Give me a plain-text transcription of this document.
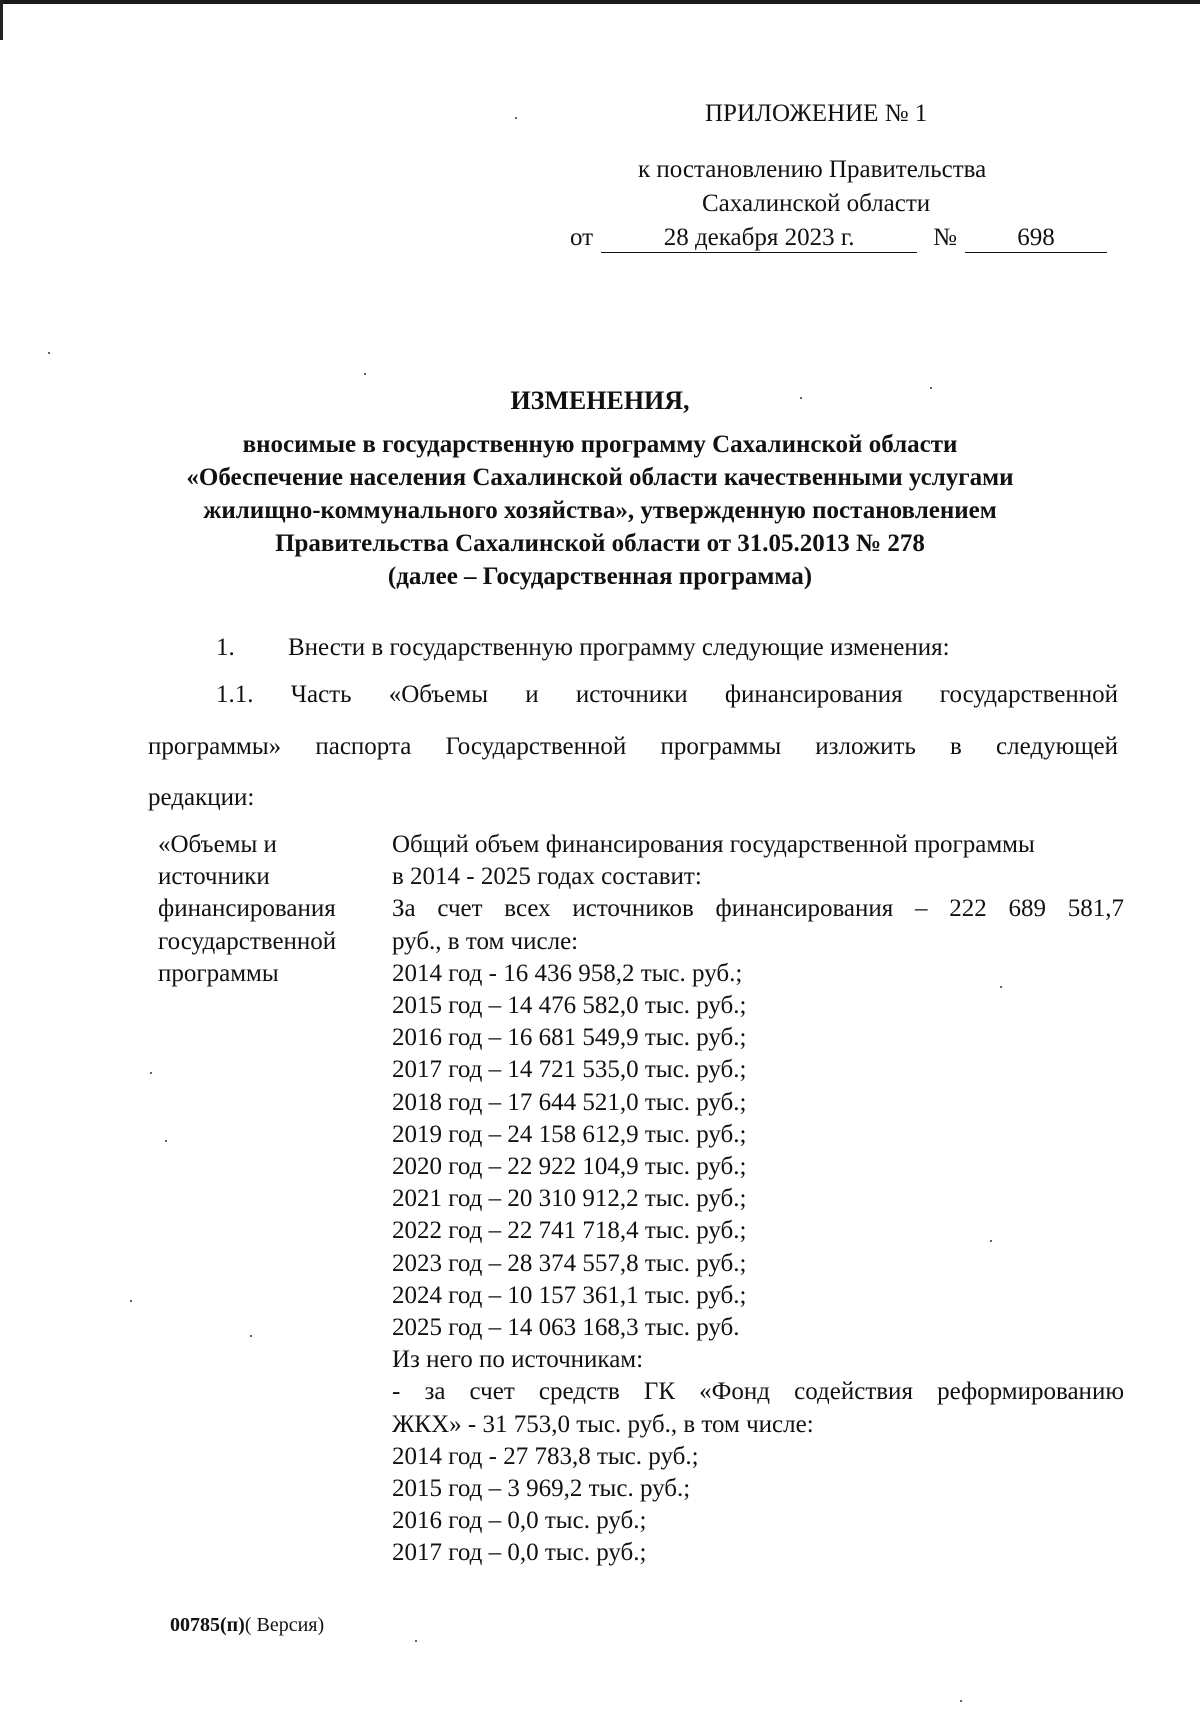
ПРИЛОЖЕНИЕ № 1
к постановлению Правительства
Сахалинской области
от	28 декабря 2023 г.	№ 698
ИЗМЕНЕНИЯ,
вносимые в государственную программу Сахалинской области
«Обеспечение населения Сахалинской области качественными услугами
жилищно-коммунального хозяйства», утвержденную постановлением
Правительства Сахалинской области от 31.05.2013 № 278
(далее – Государственная программа)
1. Внести в государственную программу следующие изменения:
1.1. Часть «Объемы и источники финансирования государственной
программы» паспорта Государственной программы изложить в следующей
редакции:
«Объемы и
источники
финансирования
государственной
программы
Общий объем финансирования государственной программы
в 2014 - 2025 годах составит:
За счет всех источников финансирования – 222 689 581,7
руб., в том числе:
2014 год - 16 436 958,2 тыс. руб.;
2015 год – 14 476 582,0 тыс. руб.;
2016 год – 16 681 549,9 тыс. руб.;
2017 год – 14 721 535,0 тыс. руб.;
2018 год – 17 644 521,0 тыс. руб.;
2019 год – 24 158 612,9 тыс. руб.;
2020 год – 22 922 104,9 тыс. руб.;
2021 год – 20 310 912,2 тыс. руб.;
2022 год – 22 741 718,4 тыс. руб.;
2023 год – 28 374 557,8 тыс. руб.;
2024 год – 10 157 361,1 тыс. руб.;
2025 год – 14 063 168,3 тыс. руб.
Из него по источникам:
- за счет средств ГК «Фонд содействия реформированию
ЖКХ» - 31 753,0 тыс. руб., в том числе:
2014 год - 27 783,8 тыс. руб.;
2015 год – 3 969,2 тыс. руб.;
2016 год – 0,0 тыс. руб.;
2017 год – 0,0 тыс. руб.;
00785(п)( Версия)
